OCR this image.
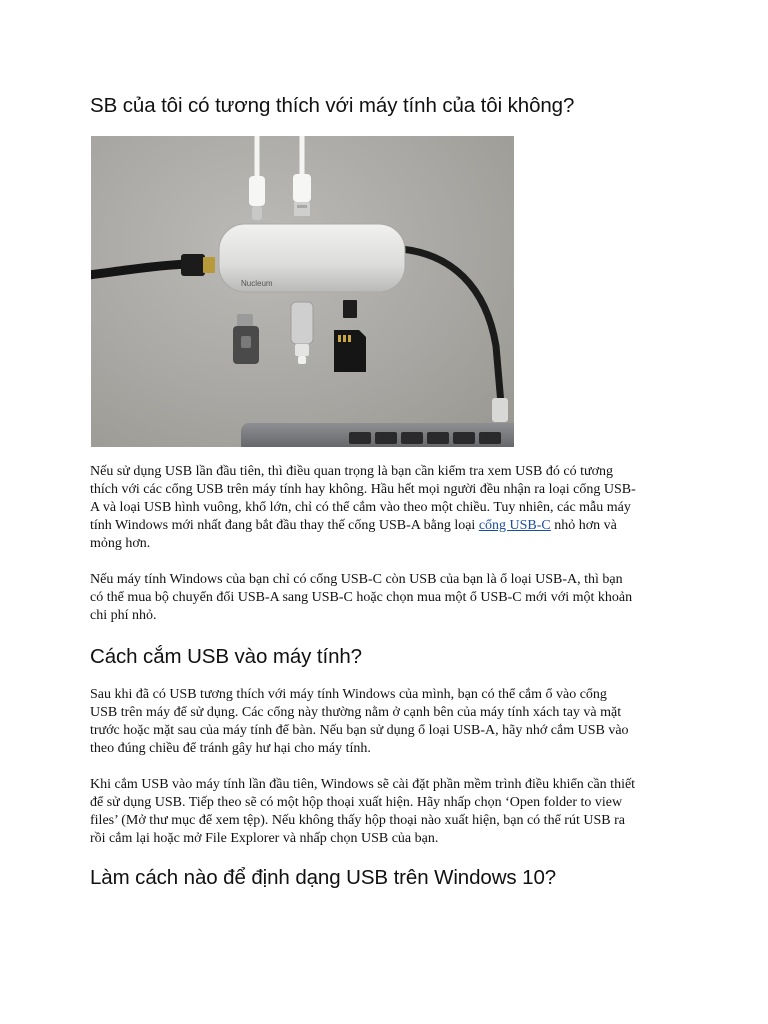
SB của tôi có tương thích với máy tính của tôi không?
Nucleum

Nếu sử dụng USB lần đầu tiên, thì điều quan trọng là bạn cần kiểm tra xem USB đó có tương
thích với các cổng USB trên máy tính hay không. Hầu hết mọi người đều nhận ra loại cổng USB-
A và loại USB hình vuông, khổ lớn, chỉ có thể cắm vào theo một chiều. Tuy nhiên, các mẫu máy
tính Windows mới nhất đang bắt đầu thay thế cổng USB-A bằng loại cổng USB-C nhỏ hơn và
mỏng hơn.

Nếu máy tính Windows của bạn chỉ có cổng USB-C còn USB của bạn là ổ loại USB-A, thì bạn
có thể mua bộ chuyển đổi USB-A sang USB-C hoặc chọn mua một ổ USB-C mới với một khoản
chi phí nhỏ.

Cách cắm USB vào máy tính?

Sau khi đã có USB tương thích với máy tính Windows của mình, bạn có thể cắm ổ vào cổng
USB trên máy để sử dụng. Các cổng này thường nằm ở cạnh bên của máy tính xách tay và mặt
trước hoặc mặt sau của máy tính để bàn. Nếu bạn sử dụng ổ loại USB-A, hãy nhớ cắm USB vào
theo đúng chiều để tránh gây hư hại cho máy tính.

Khi cắm USB vào máy tính lần đầu tiên, Windows sẽ cài đặt phần mềm trình điều khiển cần thiết
để sử dụng USB. Tiếp theo sẽ có một hộp thoại xuất hiện. Hãy nhấp chọn ‘Open folder to view
files’ (Mở thư mục để xem tệp). Nếu không thấy hộp thoại nào xuất hiện, bạn có thể rút USB ra
rồi cắm lại hoặc mở File Explorer và nhấp chọn USB của bạn.

Làm cách nào để định dạng USB trên Windows 10?
